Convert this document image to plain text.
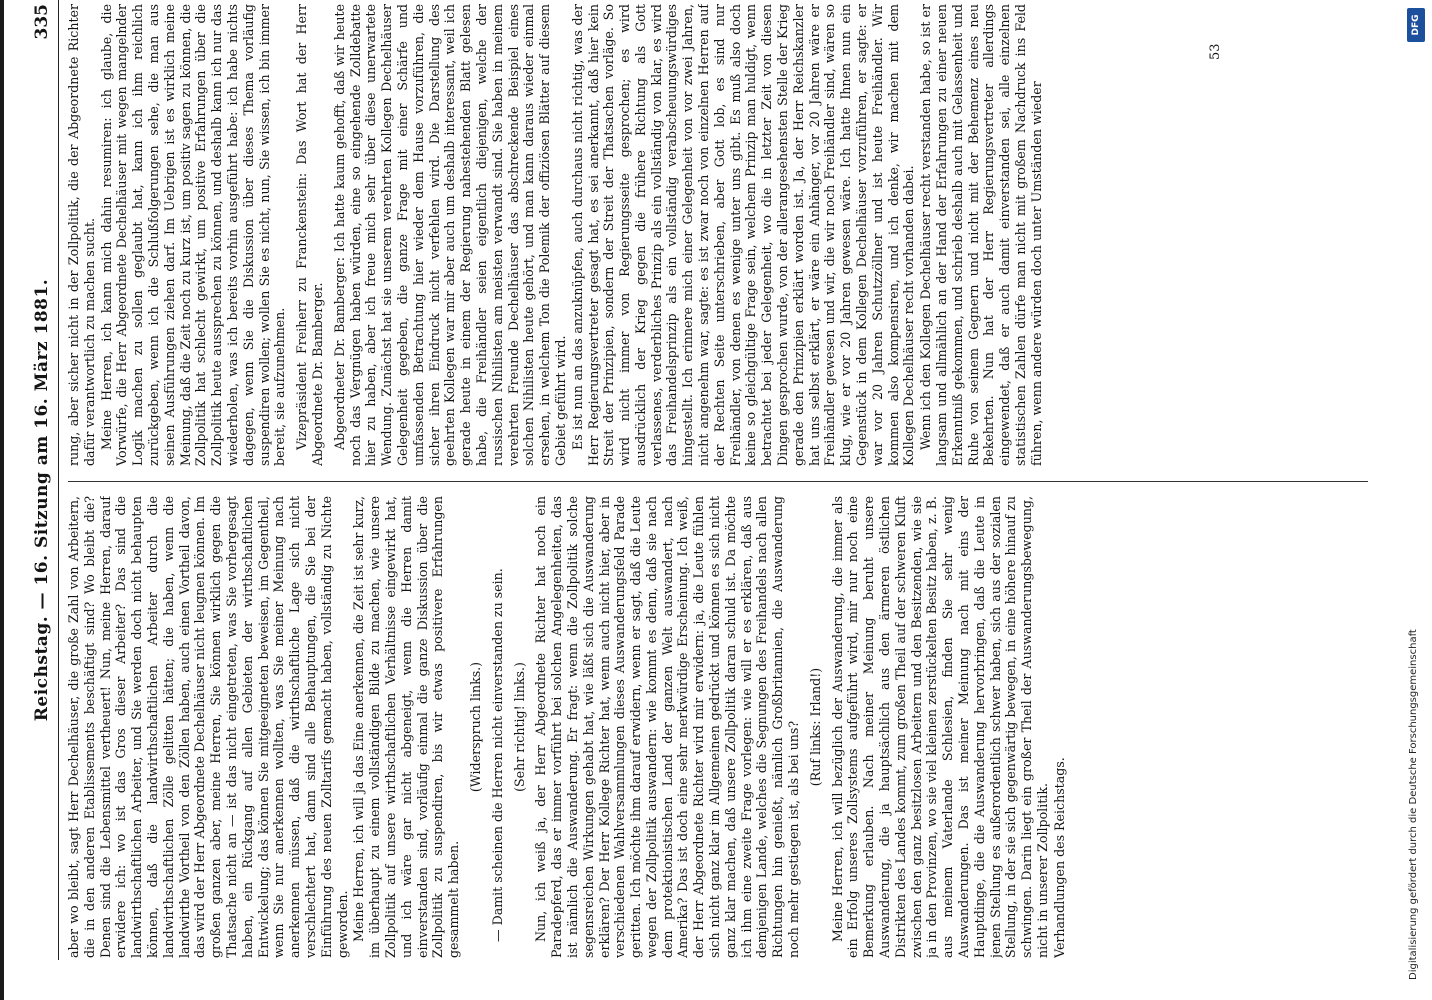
Reichstag. — 16. Sitzung am 16. März 1881.
335

aber wo bleibt, sagt Herr Dechelhäuser, die große Zahl von Arbeitern, die in den anderen Etablissements beschäftigt sind? Wo bleibt die? Denen sind die Lebensmittel vertheuert! Nun, meine Herren, darauf erwidere ich: wo ist das Gros dieser Arbeiter? Das sind die landwirthschaftlichen Arbeiter, und Sie werden doch nicht behaupten können, daß die landwirthschaftlichen Arbeiter durch die landwirthschaftlichen Zölle gelitten hätten; die haben, wenn die landwirthe Vortheil von den Zöllen haben, auch einen Vortheil davon, das wird der Herr Abgeordnete Dechelhäuser nicht leugnen können. Im großen ganzen aber, meine Herren, Sie können wirklich gegen die Thatsache nicht an — ist das nicht eingetreten, was Sie vorhergesagt haben, ein Rückgang auf allen Gebieten der wirthschaftlichen Entwickelung; das können Sie mitgeeigneten beweisen, im Gegentheil, wenn Sie nur anerkennen wollten, was Sie meiner Meinung nach anerkennen müssen, daß die wirthschaftliche Lage sich nicht verschlechtert hat, dann sind alle Behauptungen, die Sie bei der Einführung des neuen Zolltarifs gemacht haben, vollständig zu Nichte geworden. Meine Herren, ich will ja das Eine anerkennen, die Zeit ist sehr kurz, im überhaupt zu einem vollständigen Bilde zu machen, wie unsere Zollpolitik auf unsere wirthschaftlichen Verhältnisse eingewirkt hat, und ich wäre gar nicht abgeneigt, wenn die Herren damit einverstanden sind, vorläufig einmal die ganze Diskussion über die Zollpolitik zu suspendiren, bis wir etwas positivere Erfahrungen gesammelt haben.

(Widerspruch links.) — Damit scheinen die Herren nicht einverstanden zu sein. (Sehr richtig! links.) Nun, ich weiß ja, der Herr Abgeordnete Richter hat noch ein Paradepferd, das er immer vorführt bei solchen Angelegenheiten, das ist nämlich die Auswanderung. Er fragt: wenn die Zollpolitik solche segensreichen Wirkungen gehabt hat, wie läßt sich die Auswanderung erklären? Der Herr Kollege Richter hat, wenn auch nicht hier, aber in verschiedenen Wahlversammlungen dieses Auswanderungsfeld Parade geritten. Ich möchte ihm darauf erwidern, wenn er sagt, daß die Leute wegen der Zollpolitik auswandern: wie kommt es denn, daß sie nach dem protektionistischen Land der ganzen Welt auswandert, nach Amerika? Das ist doch eine sehr merkwürdige Erscheinung. Ich weiß, der Herr Abgeordnete Richter wird mir erwidern: ja, die Leute fühlen sich nicht ganz klar im Allgemeinen gedrückt und können es sich nicht ganz klar machen, daß unsere Zollpolitik daran schuld ist. Da möchte ich ihm eine zweite Frage vorlegen: wie will er es erklären, daß aus demjenigen Lande, welches die Segnungen des Freihandels nach allen Richtungen hin genießt, nämlich Großbritannien, die Auswanderung noch mehr gestiegen ist, als bei uns? (Ruf links: Irland!) Meine Herren, ich will bezüglich der Auswanderung, die immer als ein Erfolg unseres Zollsystems aufgeführt wird, mir nur noch eine Bemerkung erlauben. Nach meiner Meinung beruht unsere Auswanderung, die ja hauptsächlich aus den ärmeren östlichen Distrikten des Landes kommt, zum großen Theil auf der schweren Kluft zwischen den ganz besitzlosen Arbeitern und den Besitzenden, wie sie ja in den Provinzen, wo sie viel kleinen zerstückelten Besitz haben, z. B. aus meinem Vaterlande Schlesien, finden Sie sehr wenig Auswanderungen. Das ist meiner Meinung nach mit eins der Hauptdinge, die die Auswanderung hervorbringen, daß die Leute in jenen Stellung es außerordentlich schwer haben, sich aus der sozialen Stellung, in der sie sich gegenwärtig bewegen, in eine höhere hinauf zu schwingen. Darin liegt ein großer Theil der Auswanderungsbewegung, nicht in unserer Zollpolitik. Verhandlungen des Reichstags.

rung, aber sicher nicht in der Zollpolitik, die der Abgeordnete Richter dafür verantwortlich zu machen sucht. Meine Herren, ich kann mich dahin resumiren: ich glaube, die Vorwürfe, die Herr Abgeordnete Dechelhäuser mit wegen mangelnder Logik machen zu sollen geglaubt hat, kann ich ihm reichlich zurückgeben, wenn ich die Schlußfolgerungen sehe, die man aus seinen Ausführungen ziehen darf. Im Uebrigen ist es wirklich meine Meinung, daß die Zeit noch zu kurz ist, um positiv sagen zu können, die Zollpolitik hat schlecht gewirkt, um positive Erfahrungen über die Zollpolitik heute aussprechen zu können, und deshalb kann ich nur das wiederholen, was ich bereits vorhin ausgeführt habe: ich habe nichts dagegen, wenn Sie die Diskussion über dieses Thema vorläufig suspendiren wollen; wollen Sie es nicht, nun, Sie wissen, ich bin immer bereit, sie aufzunehmen. Vizepräsident Freiherr zu Franckenstein: Das Wort hat der Herr Abgeordnete Dr. Bamberger. Abgeordneter Dr. Bamberger: Ich hatte kaum gehofft, daß wir heute noch das Vergnügen haben würden, eine so eingehende Zolldebatte hier zu haben, aber ich freue mich sehr über diese unerwartete Wendung. Zunächst hat sie unserem verehrten Kollegen Dechelhäuser Gelegenheit gegeben, die ganze Frage mit einer Schärfe und umfassenden Betrachtung hier wieder dem Hause vorzuführen, die sicher ihren Eindruck nicht verfehlen wird. Die Darstellung des geehrten Kollegen war mir aber auch um deshalb interessant, weil ich gerade heute in einem der Regierung nahestehenden Blatt gelesen habe, die Freihändler seien eigentlich diejenigen, welche der russischen Nihilisten am meisten verwandt sind. Sie haben in meinem verehrten Freunde Dechelhäuser das abschreckende Beispiel eines solchen Nihilisten heute gehört, und man kann daraus wieder einmal ersehen, in welchem Ton die Polemik der offiziösen Blätter auf diesem Gebiet geführt wird. Es ist nun an das anzuknüpfen, auch durchaus nicht richtig, was der Herr Regierungsvertreter gesagt hat, es sei anerkannt, daß hier kein Streit der Prinzipien, sondern der Streit der Thatsachen vorläge. So wird nicht immer von Regierungsseite gesprochen; es wird ausdrücklich der Krieg gegen die frühere Richtung als Gott verlassenes, verderbliches Prinzip als ein vollständig von klar, es wird das Freihandelsprinzip als ein vollständig verabscheuungswürdiges hingestellt. Ich erinnere mich einer Gelegenheit von vor zwei Jahren, nicht angenehm war, sagte: es ist zwar noch von einzelnen Herren auf der Rechten Seite unterschrieben, aber Gott lob, es sind nur Freihändler, von denen es wenige unter uns gibt. Es muß also doch keine so gleichgültige Frage sein, welchem Prinzip man huldigt, wenn betrachtet bei jeder Gelegenheit, wo die in letzter Zeit von diesen Dingen gesprochen wurde, von der allerangesehensten Stelle der Krieg gerade den Prinzipien erklärt worden ist. Ja, der Herr Reichskanzler hat uns selbst erklärt, er wäre ein Anhänger, vor 20 Jahren wäre er Freihändler gewesen und wir, die wir noch Freihändler sind, wären so klug, wie er vor 20 Jahren gewesen wäre. Ich hatte Ihnen nun ein Gegenstück in dem Kollegen Dechelhäuser vorzuführen, er sagte: er war vor 20 Jahren Schutzzöllner und ist heute Freihändler. Wir kommen also kompensiren, und ich denke, wir machen mit dem Kollegen Dechelhäuser recht vorhanden dabei. Wenn ich den Kollegen Dechelhäuser recht verstanden habe, so ist er langsam und allmählich an der Hand der Erfahrungen zu einer neuen Erkenntniß gekommen, und schrieb deshalb auch mit Gelassenheit und Ruhe von seinem Gegnern und nicht mit der Behemenz eines neu Bekehrten. Nun hat der Herr Regierungsvertreter allerdings eingewendet, daß er auch damit einverstanden sei, alle einzelnen statistischen Zahlen dürfe man nicht mit großem Nachdruck ins Feld führen, wenn andere würden doch unter Umständen wieder

53
DFG
Digitalisierung gefördert durch die Deutsche Forschungsgemeinschaft
